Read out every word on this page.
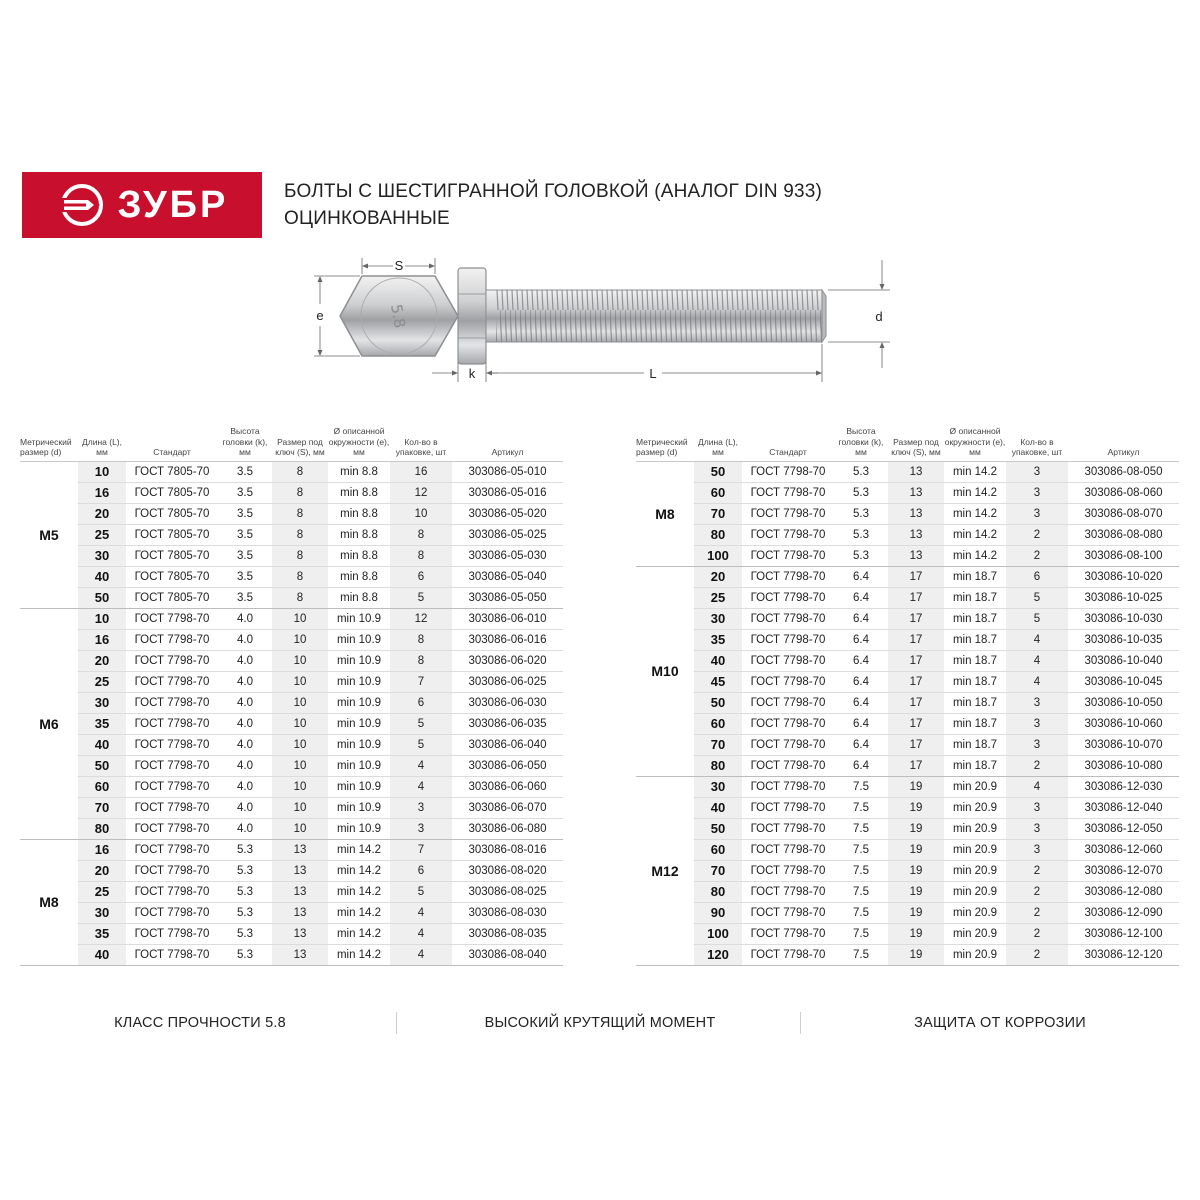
ЗУБР	БОЛТЫ С ШЕСТИГРАННОЙ ГОЛОВКОЙ (АНАЛОГ DIN 933)
ОЦИНКОВАННЫЕ
5.8
S
e
k	L
d
Метрический размер (d)	Длина (L), мм	Стандарт	Высота головки (k), мм	Размер под ключ (S), мм	Ø описанной окружности (e), мм	Кол-во в упаковке, шт	Артикул
M5	10	ГОСТ 7805-70	3.5	8	min 8.8	16	303086-05-010
	16	ГОСТ 7805-70	3.5	8	min 8.8	12	303086-05-016
	20	ГОСТ 7805-70	3.5	8	min 8.8	10	303086-05-020
	25	ГОСТ 7805-70	3.5	8	min 8.8	8	303086-05-025
	30	ГОСТ 7805-70	3.5	8	min 8.8	8	303086-05-030
	40	ГОСТ 7805-70	3.5	8	min 8.8	6	303086-05-040
	50	ГОСТ 7805-70	3.5	8	min 8.8	5	303086-05-050
M6	10	ГОСТ 7798-70	4.0	10	min 10.9	12	303086-06-010
	16	ГОСТ 7798-70	4.0	10	min 10.9	8	303086-06-016
	20	ГОСТ 7798-70	4.0	10	min 10.9	8	303086-06-020
	25	ГОСТ 7798-70	4.0	10	min 10.9	7	303086-06-025
	30	ГОСТ 7798-70	4.0	10	min 10.9	6	303086-06-030
	35	ГОСТ 7798-70	4.0	10	min 10.9	5	303086-06-035
	40	ГОСТ 7798-70	4.0	10	min 10.9	5	303086-06-040
	50	ГОСТ 7798-70	4.0	10	min 10.9	4	303086-06-050
	60	ГОСТ 7798-70	4.0	10	min 10.9	4	303086-06-060
	70	ГОСТ 7798-70	4.0	10	min 10.9	3	303086-06-070
	80	ГОСТ 7798-70	4.0	10	min 10.9	3	303086-06-080
M8	16	ГОСТ 7798-70	5.3	13	min 14.2	7	303086-08-016
	20	ГОСТ 7798-70	5.3	13	min 14.2	6	303086-08-020
	25	ГОСТ 7798-70	5.3	13	min 14.2	5	303086-08-025
	30	ГОСТ 7798-70	5.3	13	min 14.2	4	303086-08-030
	35	ГОСТ 7798-70	5.3	13	min 14.2	4	303086-08-035
	40	ГОСТ 7798-70	5.3	13	min 14.2	4	303086-08-040
Метрический размер (d)	Длина (L), мм	Стандарт	Высота головки (k), мм	Размер под ключ (S), мм	Ø описанной окружности (e), мм	Кол-во в упаковке, шт	Артикул
M8	50	ГОСТ 7798-70	5.3	13	min 14.2	3	303086-08-050
	60	ГОСТ 7798-70	5.3	13	min 14.2	3	303086-08-060
	70	ГОСТ 7798-70	5.3	13	min 14.2	3	303086-08-070
	80	ГОСТ 7798-70	5.3	13	min 14.2	2	303086-08-080
	100	ГОСТ 7798-70	5.3	13	min 14.2	2	303086-08-100
M10	20	ГОСТ 7798-70	6.4	17	min 18.7	6	303086-10-020
	25	ГОСТ 7798-70	6.4	17	min 18.7	5	303086-10-025
	30	ГОСТ 7798-70	6.4	17	min 18.7	5	303086-10-030
	35	ГОСТ 7798-70	6.4	17	min 18.7	4	303086-10-035
	40	ГОСТ 7798-70	6.4	17	min 18.7	4	303086-10-040
	45	ГОСТ 7798-70	6.4	17	min 18.7	4	303086-10-045
	50	ГОСТ 7798-70	6.4	17	min 18.7	3	303086-10-050
	60	ГОСТ 7798-70	6.4	17	min 18.7	3	303086-10-060
	70	ГОСТ 7798-70	6.4	17	min 18.7	3	303086-10-070
	80	ГОСТ 7798-70	6.4	17	min 18.7	2	303086-10-080
M12	30	ГОСТ 7798-70	7.5	19	min 20.9	4	303086-12-030
	40	ГОСТ 7798-70	7.5	19	min 20.9	3	303086-12-040
	50	ГОСТ 7798-70	7.5	19	min 20.9	3	303086-12-050
	60	ГОСТ 7798-70	7.5	19	min 20.9	3	303086-12-060
	70	ГОСТ 7798-70	7.5	19	min 20.9	2	303086-12-070
	80	ГОСТ 7798-70	7.5	19	min 20.9	2	303086-12-080
	90	ГОСТ 7798-70	7.5	19	min 20.9	2	303086-12-090
	100	ГОСТ 7798-70	7.5	19	min 20.9	2	303086-12-100
	120	ГОСТ 7798-70	7.5	19	min 20.9	2	303086-12-120
КЛАСС ПРОЧНОСТИ 5.8	ВЫСОКИЙ КРУТЯЩИЙ МОМЕНТ	ЗАЩИТА ОТ КОРРОЗИИ
